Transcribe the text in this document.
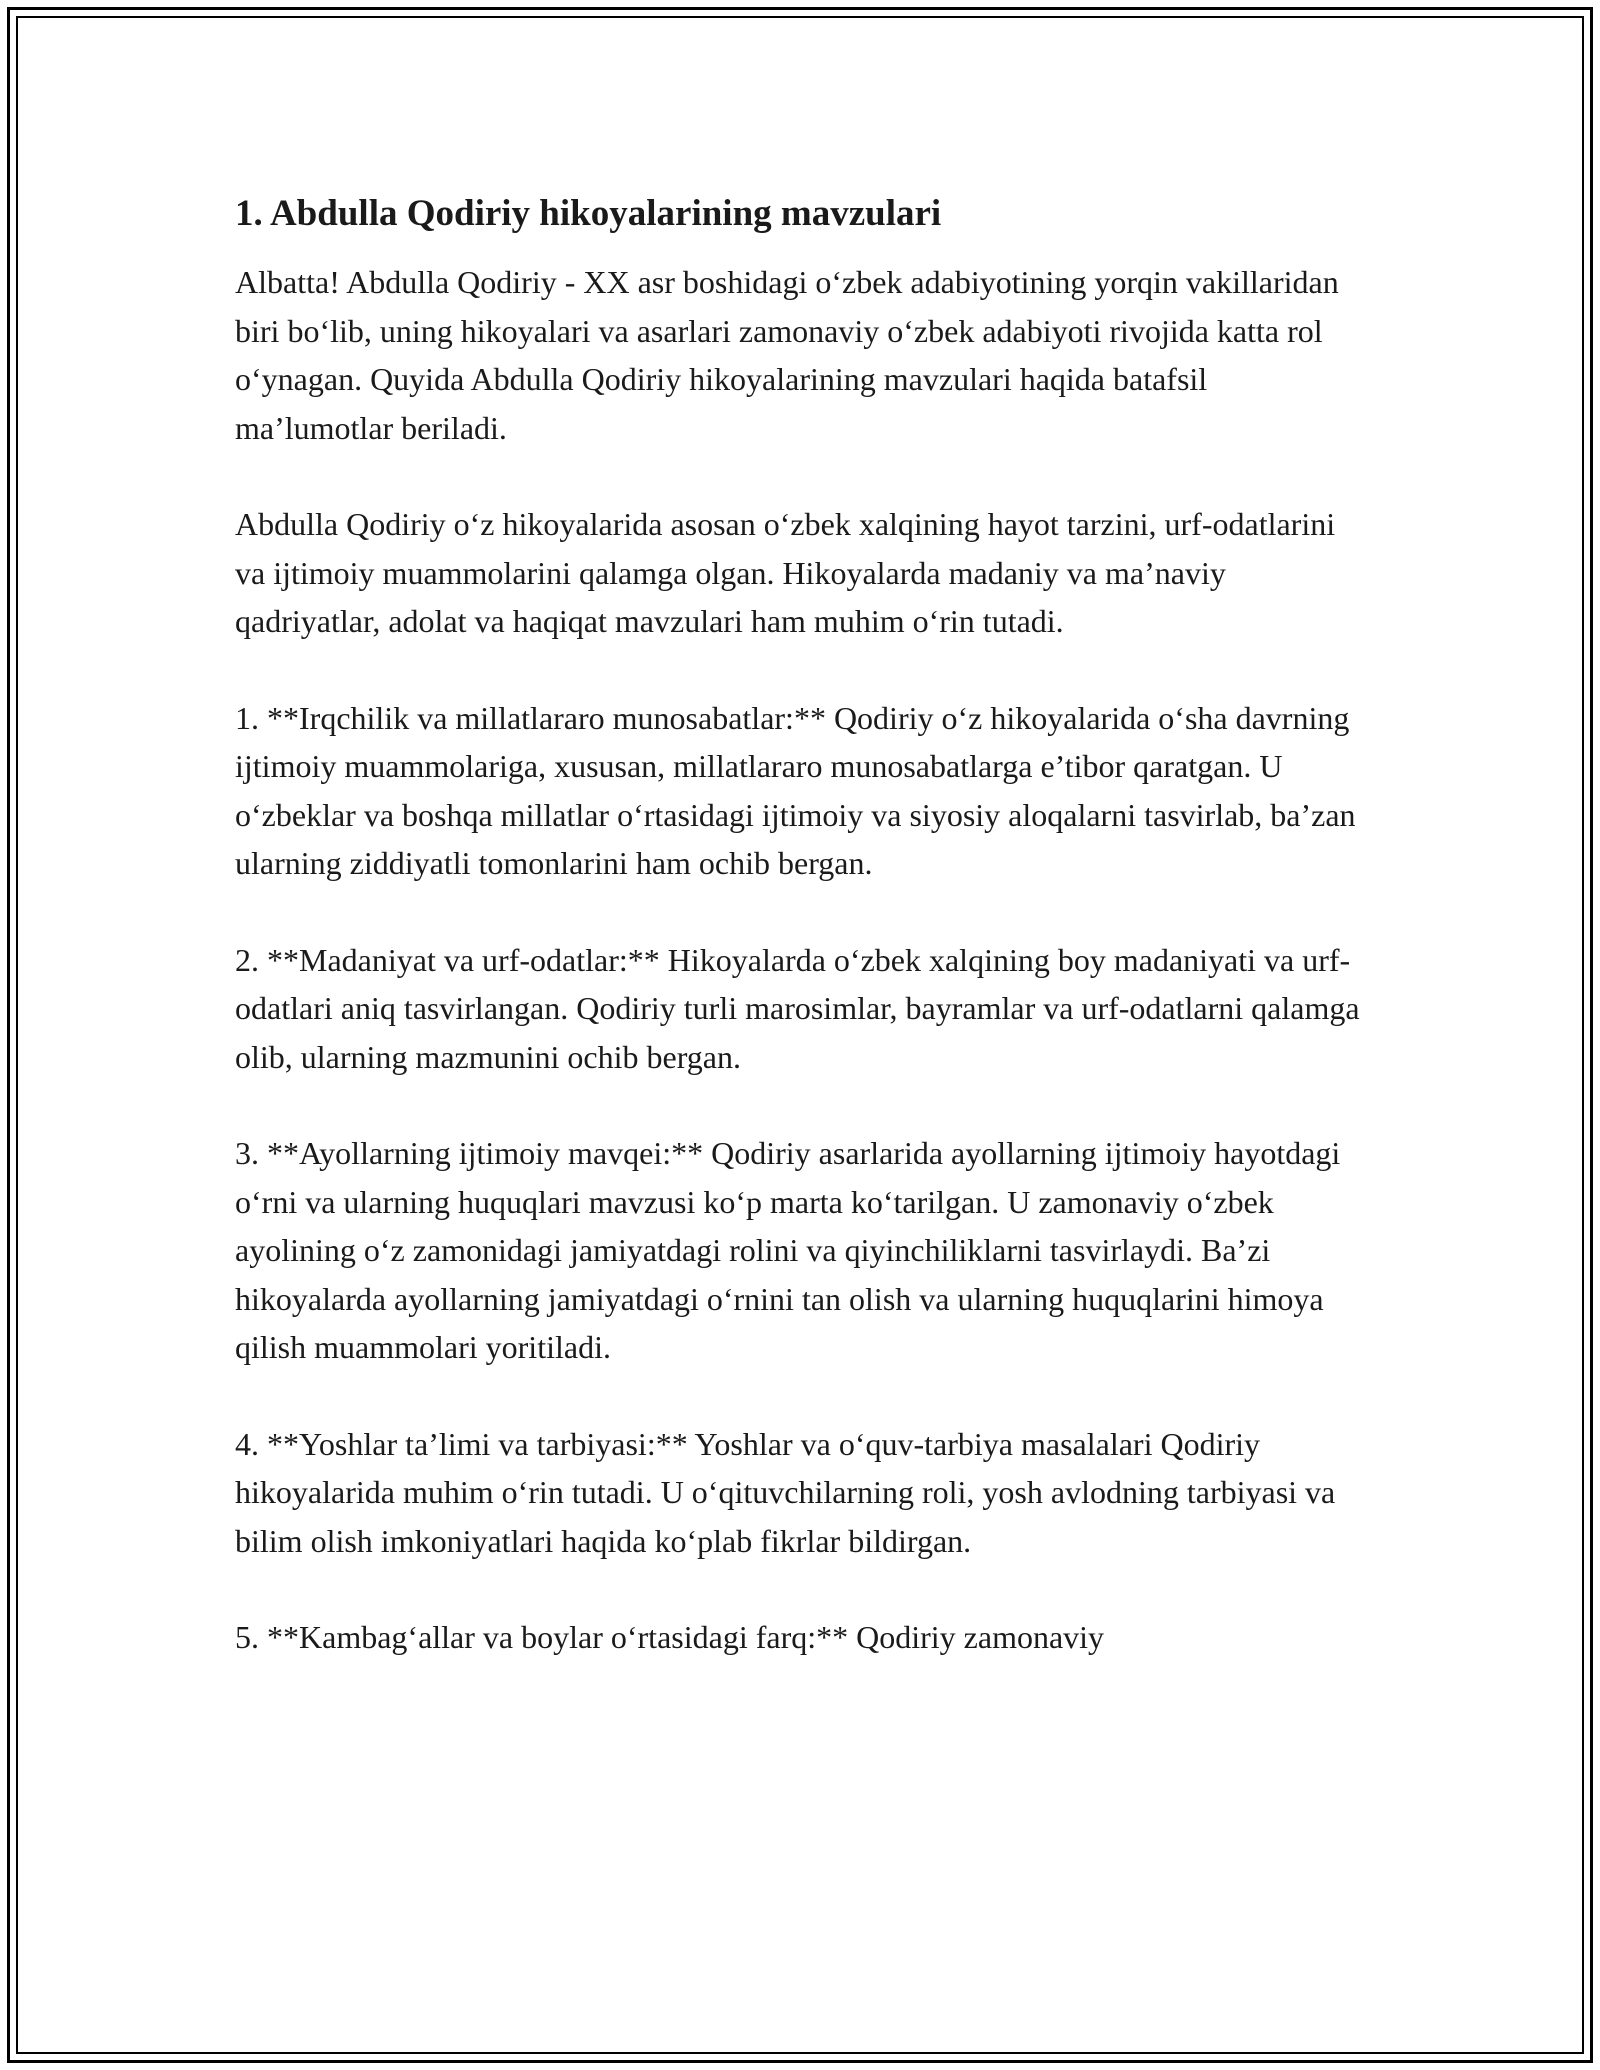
1. Abdulla Qodiriy hikoyalarining mavzulari

Albatta! Abdulla Qodiriy - XX asr boshidagi o‘zbek adabiyotining yorqin vakillaridan biri bo‘lib, uning hikoyalari va asarlari zamonaviy o‘zbek adabiyoti rivojida katta rol o‘ynagan. Quyida Abdulla Qodiriy hikoyalarining mavzulari haqida batafsil ma’lumotlar beriladi.

Abdulla Qodiriy o‘z hikoyalarida asosan o‘zbek xalqining hayot tarzini, urf-odatlarini va ijtimoiy muammolarini qalamga olgan. Hikoyalarda madaniy va ma’naviy qadriyatlar, adolat va haqiqat mavzulari ham muhim o‘rin tutadi.

1. **Irqchilik va millatlararo munosabatlar:** Qodiriy o‘z hikoyalarida o‘sha davrning ijtimoiy muammolariga, xususan, millatlararo munosabatlarga e’tibor qaratgan. U o‘zbeklar va boshqa millatlar o‘rtasidagi ijtimoiy va siyosiy aloqalarni tasvirlab, ba’zan ularning ziddiyatli tomonlarini ham ochib bergan.

2. **Madaniyat va urf-odatlar:** Hikoyalarda o‘zbek xalqining boy madaniyati va urf-odatlari aniq tasvirlangan. Qodiriy turli marosimlar, bayramlar va urf-odatlarni qalamga olib, ularning mazmunini ochib bergan.

3. **Ayollarning ijtimoiy mavqei:** Qodiriy asarlarida ayollarning ijtimoiy hayotdagi o‘rni va ularning huquqlari mavzusi ko‘p marta ko‘tarilgan. U zamonaviy o‘zbek ayolining o‘z zamonidagi jamiyatdagi rolini va qiyinchiliklarni tasvirlaydi. Ba’zi hikoyalarda ayollarning jamiyatdagi o‘rnini tan olish va ularning huquqlarini himoya qilish muammolari yoritiladi.

4. **Yoshlar ta’limi va tarbiyasi:** Yoshlar va o‘quv-tarbiya masalalari Qodiriy hikoyalarida muhim o‘rin tutadi. U o‘qituvchilarning roli, yosh avlodning tarbiyasi va bilim olish imkoniyatlari haqida ko‘plab fikrlar bildirgan.

5. **Kambag‘allar va boylar o‘rtasidagi farq:** Qodiriy zamonaviy
